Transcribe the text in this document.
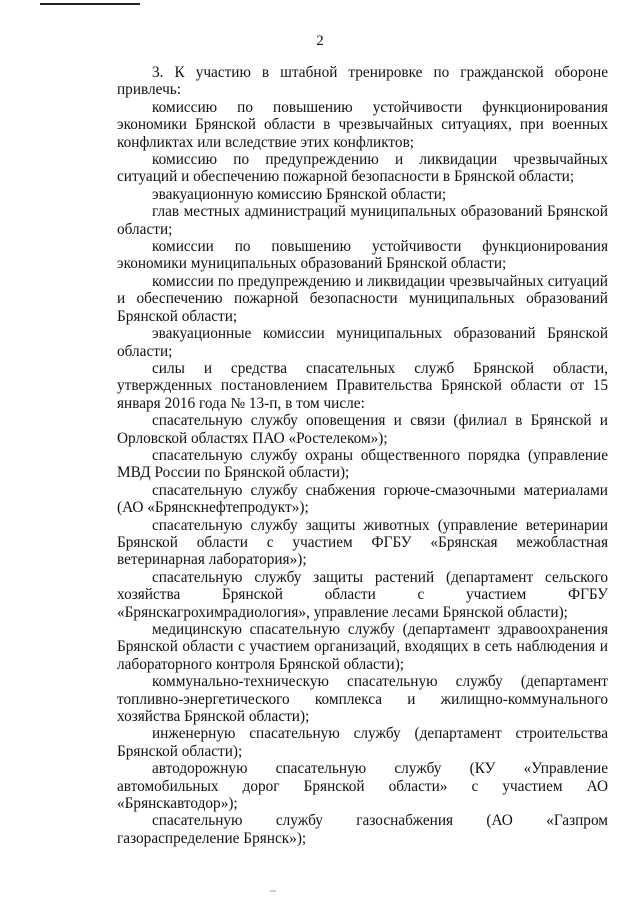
2

3. К участию в штабной тренировке по гражданской обороне привлечь:

комиссию по повышению устойчивости функционирования экономики Брянской области в чрезвычайных ситуациях, при военных конфликтах или вследствие этих конфликтов;

комиссию по предупреждению и ликвидации чрезвычайных ситуаций и обеспечению пожарной безопасности в Брянской области;

эвакуационную комиссию Брянской области;

глав местных администраций муниципальных образований Брянской области;

комиссии по повышению устойчивости функционирования экономики муниципальных образований Брянской области;

комиссии по предупреждению и ликвидации чрезвычайных ситуаций и обеспечению пожарной безопасности муниципальных образований Брянской области;

эвакуационные комиссии муниципальных образований Брянской области;

силы и средства спасательных служб Брянской области, утвержденных постановлением Правительства Брянской области от 15 января 2016 года № 13-п, в том числе:

спасательную службу оповещения и связи (филиал в Брянской и Орловской областях ПАО «Ростелеком»);

спасательную службу охраны общественного порядка (управление МВД России по Брянской области);

спасательную службу снабжения горюче-смазочными материалами (АО «Брянскнефтепродукт»);

спасательную службу защиты животных (управление ветеринарии Брянской области с участием ФГБУ «Брянская межобластная ветеринарная лаборатория»);

спасательную службу защиты растений (департамент сельского хозяйства Брянской области с участием ФГБУ «Брянскагрохимрадиология», управление лесами Брянской области);

медицинскую спасательную службу (департамент здравоохранения Брянской области с участием организаций, входящих в сеть наблюдения и лабораторного контроля Брянской области);

коммунально-техническую спасательную службу (департамент топливно-энергетического комплекса и жилищно-коммунального хозяйства Брянской области);

инженерную спасательную службу (департамент строительства Брянской области);

автодорожную спасательную службу (КУ «Управление автомобильных дорог Брянской области» с участием АО «Брянскавтодор»);

спасательную службу газоснабжения (АО «Газпром газораспределение Брянск»);
